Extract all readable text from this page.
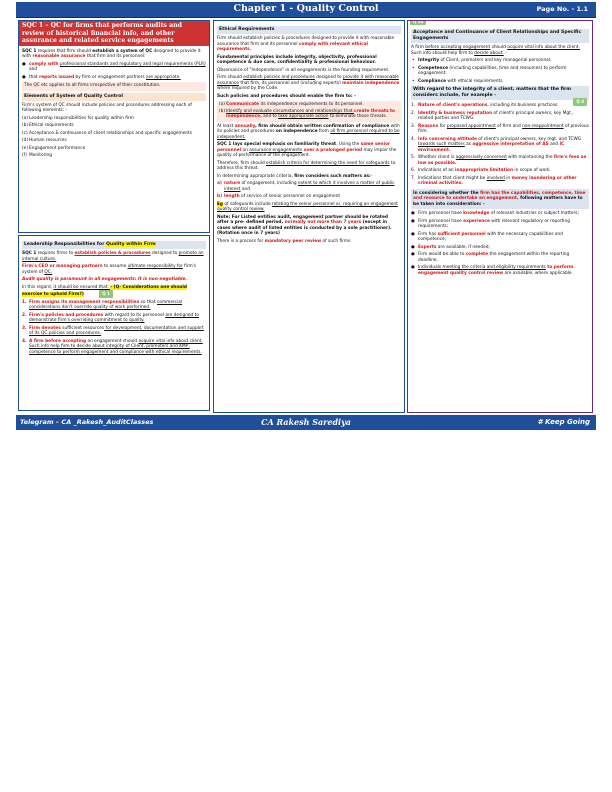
Chapter 1 - Quality Control	Page No. - 1.1
SQC 1 – QC for firms that performs audits and review of historical financial info, and other assurance and related service engagements

SQC 1 requires that firm should establish a system of QC designed to provide it with reasonable assurance that firm and its personnel:

● comply with professional standards and regulatory and legal requirements (PLR) and
● that reports issued by firm or engagement partners are appropriate.

The QC etc applies to all firms irrespective of their constitution.

Elements of System of Quality Control

Firm's system of QC should include policies and procedures addressing each of following elements: -

(a) Leadership responsibilities for quality within firm
(b) Ethical requirements
(c) Acceptance & continuance of client relationships and specific engagements
(d) Human resources
(e) Engagement performance
(f) Monitoring
Leadership Responsibilities for Quality within Firm

SQC 1 requires firms to establish policies & procedures designed to promote an internal culture.

Firm's CEO or managing partners to assume ultimate responsibility for firm's system of QC.

Audit quality is paramount in all engagements: It is non-negotiable.

In this regard, it should be ensured that: - (Q- Considerations one should exercise to uphold Firm?)	Q 1

1. Firm assigns its management responsibilities so that commercial considerations don't override quality of work performed.
2. Firm's policies and procedures with regard to its personnel are designed to demonstrate firm's overriding commitment to quality.
3. Firm devotes sufficient resources for development, documentation and support of its QC policies and procedures.
4. A firm before accepting an engagement should acquire vital info about client. Such info help firm to decide about integrity of Client, promoters and KMP, competence to perform engagement and compliance with ethical requirements.
Ethical Requirements

Firm should establish policies & procedures designed to provide it with reasonable assurance that firm and its personnel comply with relevant ethical requirements.

Fundamental principles include integrity, objectivity, professional competence & due care, confidentiality & professional behaviour.

Observance of "Independence" in all engagements is the founding requirement.

Firm should establish policies and procedures designed to provide it with reasonable assurance that firm, its personnel and (including experts) maintain independence where required by the Code.

Such policies and procedures should enable the firm to: -

(a) Communicate its independence requirements to its personnel.
(b) Identify and evaluate circumstances and relationships that create threats to independence, and to take appropriate action to eliminate those threats.

At least annually, firm should obtain written confirmation of compliance with its policies and procedures on independence from all firm personnel required to be independent.

SQC 1 lays special emphasis on familiarity threat. Using the same senior personnel on assurance engagements over a prolonged period may impair the quality of performance of the engagement.

Therefore, firm should establish criteria for determining the need for safeguards to address this threat.

In determining appropriate criteria, firm considers such matters as:-

a) nature of engagement, including extent to which it involves a matter of public interest and
b) length of service of senior personnel on engagement

Eg of safeguards include rotating the senior personnel or, requiring an engagement quality control review.

Note: For Listed entities audit, engagement partner should be rotated after a pre- defined period, normally not more than 7 years (except in cases where audit of listed entities is conducted by a sole practitioner). (Rotation once in 7 years)

There is a process for mandatory peer review of such firms.

Q 14
Acceptance and Continuance of Client Relationships and Specific Engagements

A firm before accepting engagement should acquire vital info about the client. Such info should help firm to decide about: -

• Integrity of Client, promoters and key managerial personnel,
• Competence (including capabilities, time and resources) to perform engagement.
• Compliance with ethical requirements.
With regard to the integrity of a client, matters that the firm considers include, for example -
Q 4
1. Nature of client's operations, including its business practices.
2. Identity & business reputation of client's principal owners, key Mgt., related parties and TCWG.
3. Reasons for proposed appointment of firm and non-reappointment of previous firm.
4. Info concerning attitude of client's principal owners, key mgt. and TCWG towards such matters as aggressive interpretation of AS and IC environment.
5. Whether client is aggressively concerned with maintaining the firm's fees as low as possible.
6. Indications of an inappropriate limitation in scope of work.
7. Indications that client might be involved in money laundering or other criminal activities.

In considering whether the firm has the capabilities, competence, time and resource to undertake an engagement, following matters have to be taken into consideration: -

● Firm personnel have knowledge of relevant industries or subject matters;
● Firm personnel have experience with relevant regulatory or reporting requirements;
● Firm has sufficient personnel with the necessary capabilities and competence;
● Experts are available, if needed;
● Firm would be able to complete the engagement within the reporting deadline.
● Individuals meeting the criteria and eligibility requirements to perform engagement quality control review are available, where applicable.
Telegram – CA _Rakesh_AuditClasses	CA Rakesh Sarediya	# Keep Going
